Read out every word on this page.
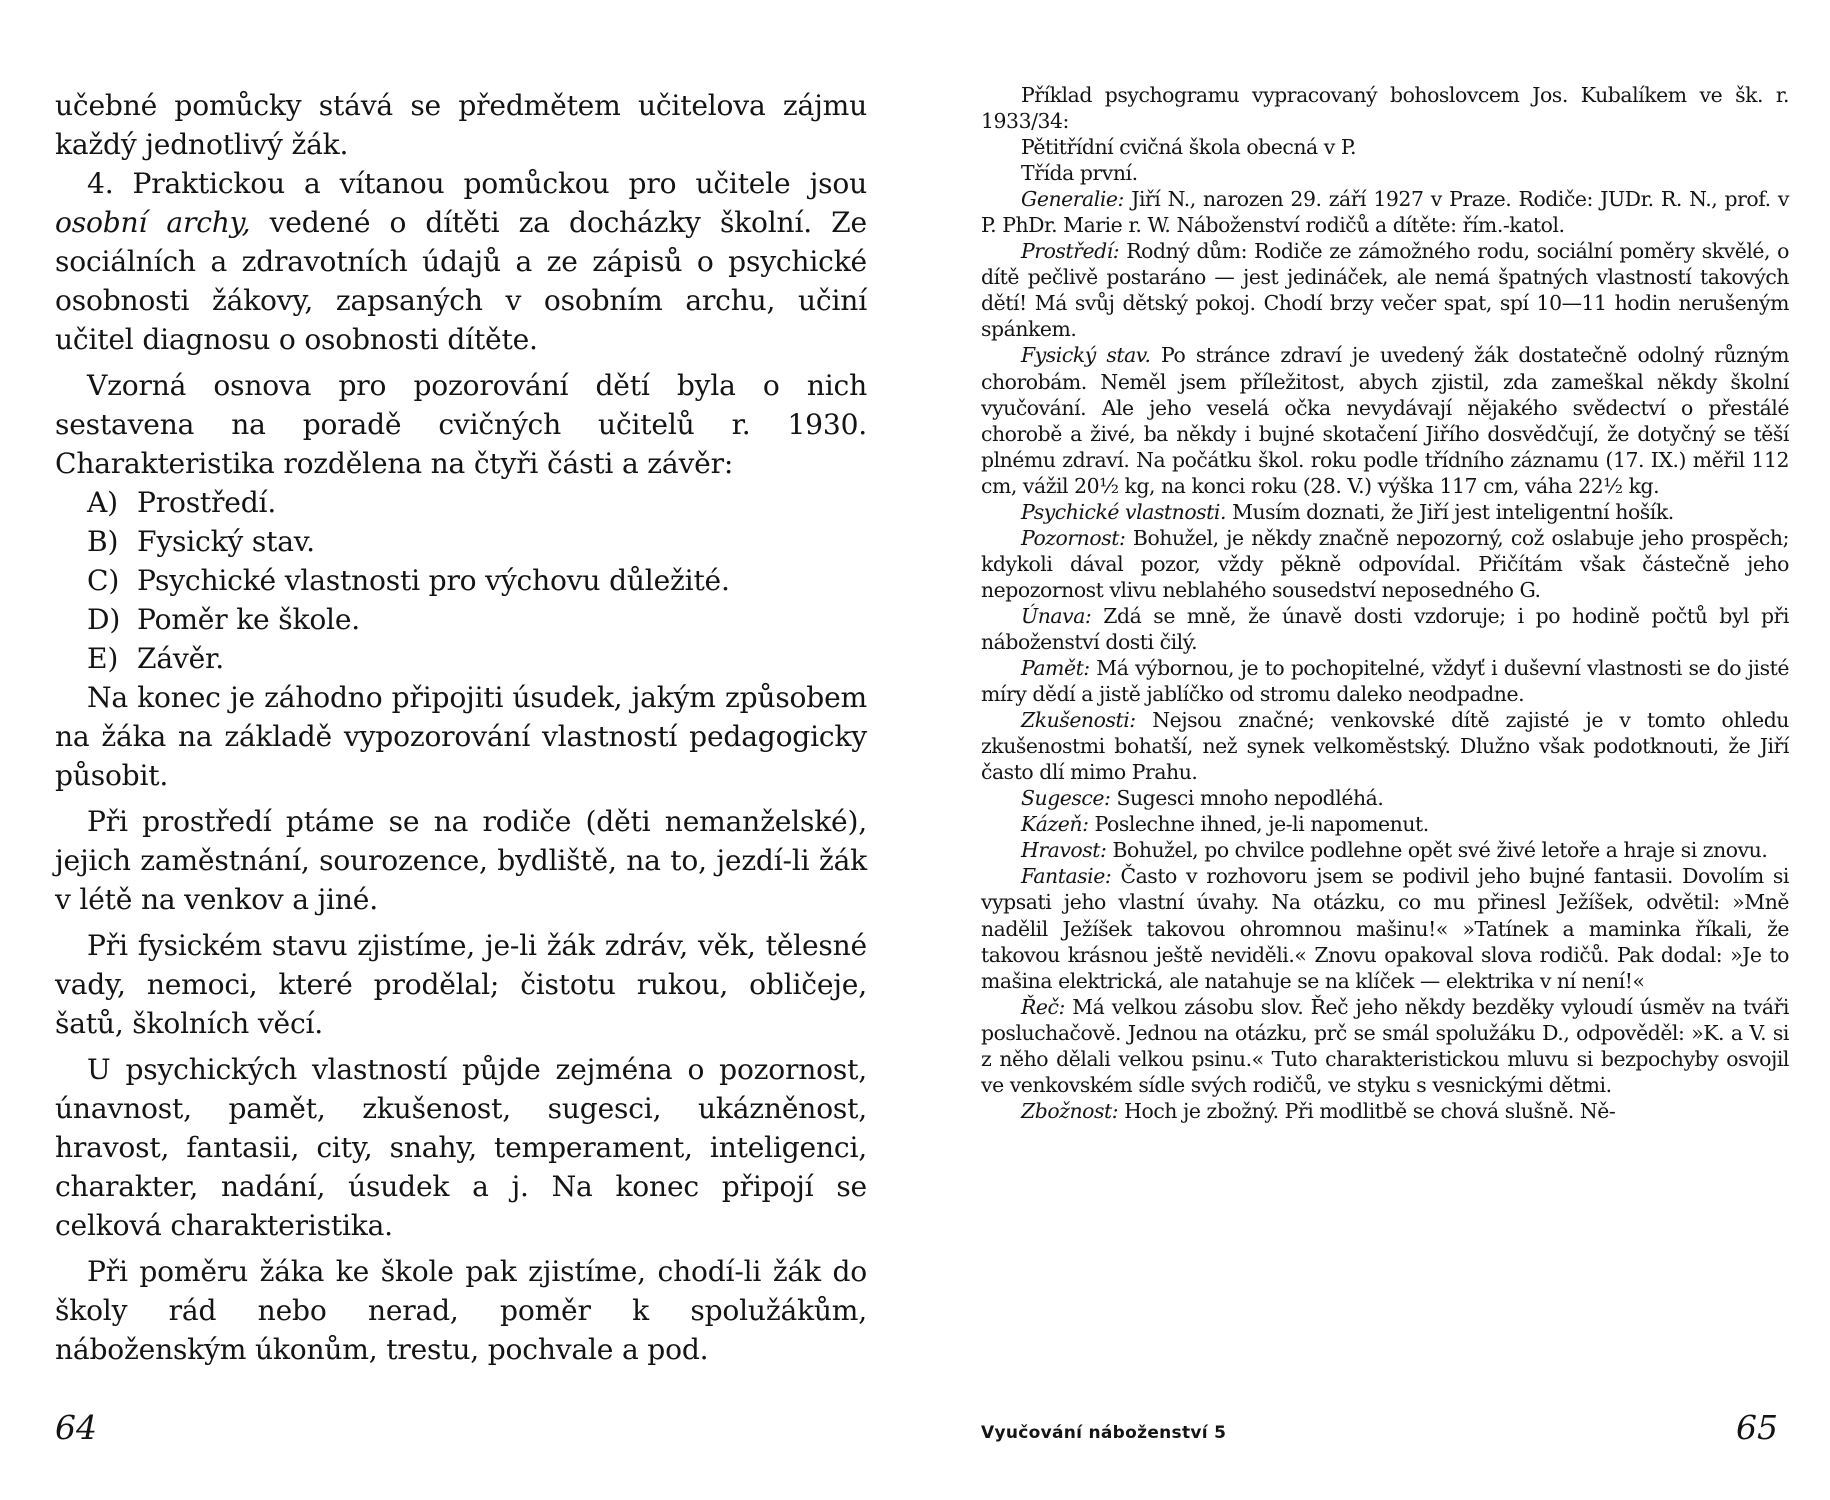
učebné pomůcky stává se předmětem učitelova zájmu každý jednotlivý žák.

4. Praktickou a vítanou pomůckou pro učitele jsou osobní archy, vedené o dítěti za docházky školní. Ze sociálních a zdravotních údajů a ze zápisů o psychické osobnosti žákovy, zapsaných v osobním archu, učiní učitel diagnosu o osobnosti dítěte.

Vzorná osnova pro pozorování dětí byla o nich sestavena na poradě cvičných učitelů r. 1930. Charakteristika rozdělena na čtyři části a závěr:

A) Prostředí.

B) Fysický stav.

C) Psychické vlastnosti pro výchovu důležité.

D) Poměr ke škole.

E) Závěr.

Na konec je záhodno připojiti úsudek, jakým způsobem na žáka na základě vypozorování vlastností pedagogicky působit.

Při prostředí ptáme se na rodiče (děti nemanželské), jejich zaměstnání, sourozence, bydliště, na to, jezdí-li žák v létě na venkov a jiné.

Při fysickém stavu zjistíme, je-li žák zdráv, věk, tělesné vady, nemoci, které prodělal; čistotu rukou, obličeje, šatů, školních věcí.

U psychických vlastností půjde zejména o pozornost, únavnost, pamět, zkušenost, sugesci, ukázněnost, hravost, fantasii, city, snahy, temperament, inteligenci, charakter, nadání, úsudek a j. Na konec připojí se celková charakteristika.

Při poměru žáka ke škole pak zjistíme, chodí-li žák do školy rád nebo nerad, poměr k spolužákům, náboženským úkonům, trestu, pochvale a pod.

64

Příklad psychogramu vypracovaný bohoslovcem Jos. Kubalíkem ve šk. r. 1933/34:

Pětitřídní cvičná škola obecná v P.

Třída první.

Generalie: Jiří N., narozen 29. září 1927 v Praze. Rodiče: JUDr. R. N., prof. v P. PhDr. Marie r. W. Náboženství rodičů a dítěte: řím.-katol.

Prostředí: Rodný dům: Rodiče ze zámožného rodu, sociální poměry skvělé, o dítě pečlivě postaráno — jest jedináček, ale nemá špatných vlastností takových dětí! Má svůj dětský pokoj. Chodí brzy večer spat, spí 10—11 hodin nerušeným spánkem.

Fysický stav. Po stránce zdraví je uvedený žák dostatečně odolný různým chorobám. Neměl jsem příležitost, abych zjistil, zda zameškal někdy školní vyučování. Ale jeho veselá očka nevydávají nějakého svědectví o přestálé chorobě a živé, ba někdy i bujné skotačení Jiřího dosvědčují, že dotyčný se těší plnému zdraví. Na počátku škol. roku podle třídního záznamu (17. IX.) měřil 112 cm, vážil 20½ kg, na konci roku (28. V.) výška 117 cm, váha 22½ kg.

Psychické vlastnosti. Musím doznati, že Jiří jest inteligentní hošík.

Pozornost: Bohužel, je někdy značně nepozorný, což oslabuje jeho prospěch; kdykoli dával pozor, vždy pěkně odpovídal. Přičítám však částečně jeho nepozornost vlivu neblahého sousedství neposedného G.

Únava: Zdá se mně, že únavě dosti vzdoruje; i po hodině počtů byl při náboženství dosti čilý.

Pamět: Má výbornou, je to pochopitelné, vždyť i duševní vlastnosti se do jisté míry dědí a jistě jablíčko od stromu daleko neodpadne.

Zkušenosti: Nejsou značné; venkovské dítě zajisté je v tomto ohledu zkušenostmi bohatší, než synek velkoměstský. Dlužno však podotknouti, že Jiří často dlí mimo Prahu.

Sugesce: Sugesci mnoho nepodléhá.

Kázeň: Poslechne ihned, je-li napomenut.

Hravost: Bohužel, po chvilce podlehne opět své živé letoře a hraje si znovu.

Fantasie: Často v rozhovoru jsem se podivil jeho bujné fantasii. Dovolím si vypsati jeho vlastní úvahy. Na otázku, co mu přinesl Ježíšek, odvětil: »Mně nadělil Ježíšek takovou ohromnou mašinu!« »Tatínek a maminka říkali, že takovou krásnou ještě neviděli.« Znovu opakoval slova rodičů. Pak dodal: »Je to mašina elektrická, ale natahuje se na klíček — elektrika v ní není!«

Řeč: Má velkou zásobu slov. Řeč jeho někdy bezděky vyloudí úsměv na tváři posluchačově. Jednou na otázku, prč se smál spolužáku D., odpověděl: »K. a V. si z něho dělali velkou psinu.« Tuto charakteristickou mluvu si bezpochyby osvojil ve venkovském sídle svých rodičů, ve styku s vesnickými dětmi.

Zbožnost: Hoch je zbožný. Při modlitbě se chová slušně. Ně-

Vyučování náboženství 5	65
